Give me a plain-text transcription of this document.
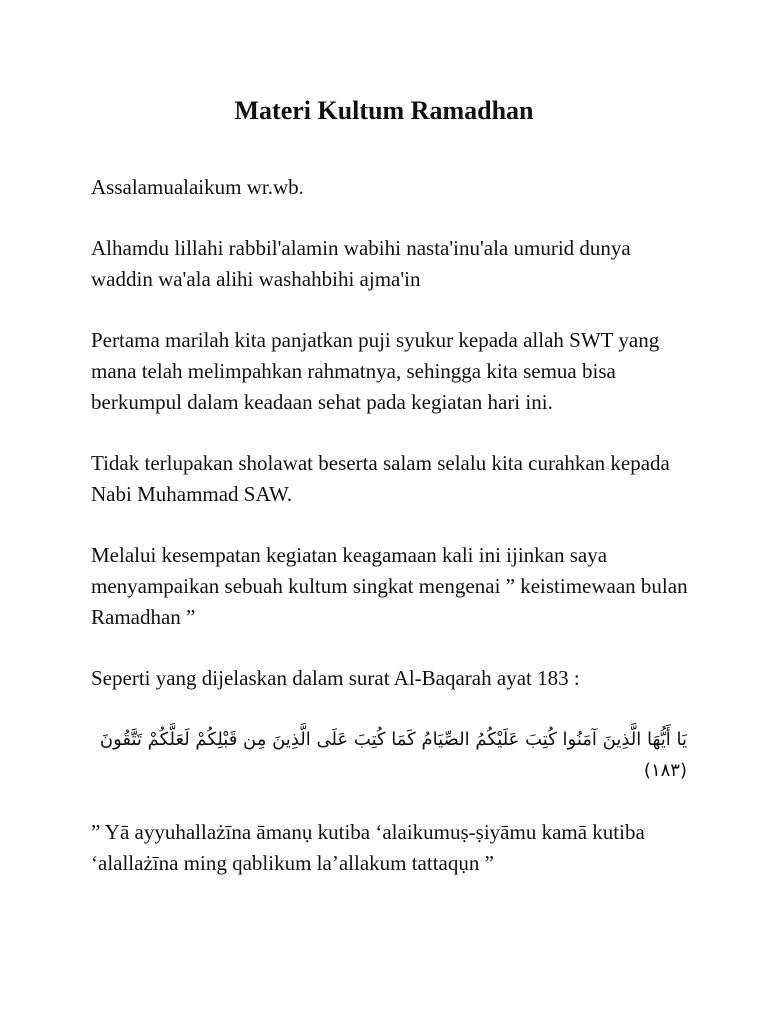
Materi Kultum Ramadhan

Assalamualaikum wr.wb.

Alhamdu lillahi rabbil'alamin wabihi nasta'inu'ala umurid dunya waddin wa'ala alihi washahbihi ajma'in

Pertama marilah kita panjatkan puji syukur kepada allah SWT yang mana telah melimpahkan rahmatnya, sehingga kita semua bisa berkumpul dalam keadaan sehat pada kegiatan hari ini.

Tidak terlupakan sholawat beserta salam selalu kita curahkan kepada Nabi Muhammad SAW.

Melalui kesempatan kegiatan keagamaan kali ini ijinkan saya menyampaikan sebuah kultum singkat mengenai ” keistimewaan bulan Ramadhan ”

Seperti yang dijelaskan dalam surat Al-Baqarah ayat 183 :

يَا أَيُّهَا الَّذِينَ آمَنُوا كُتِبَ عَلَيْكُمُ الصِّيَامُ كَمَا كُتِبَ عَلَى الَّذِينَ مِن قَبْلِكُمْ لَعَلَّكُمْ تَتَّقُونَ (١٨٣)

” Yā ayyuhallażīna āmanụ kutiba ‘alaikumuṣ-ṣiyāmu kamā kutiba ‘alallażīna ming qablikum la’allakum tattaqụn ”
